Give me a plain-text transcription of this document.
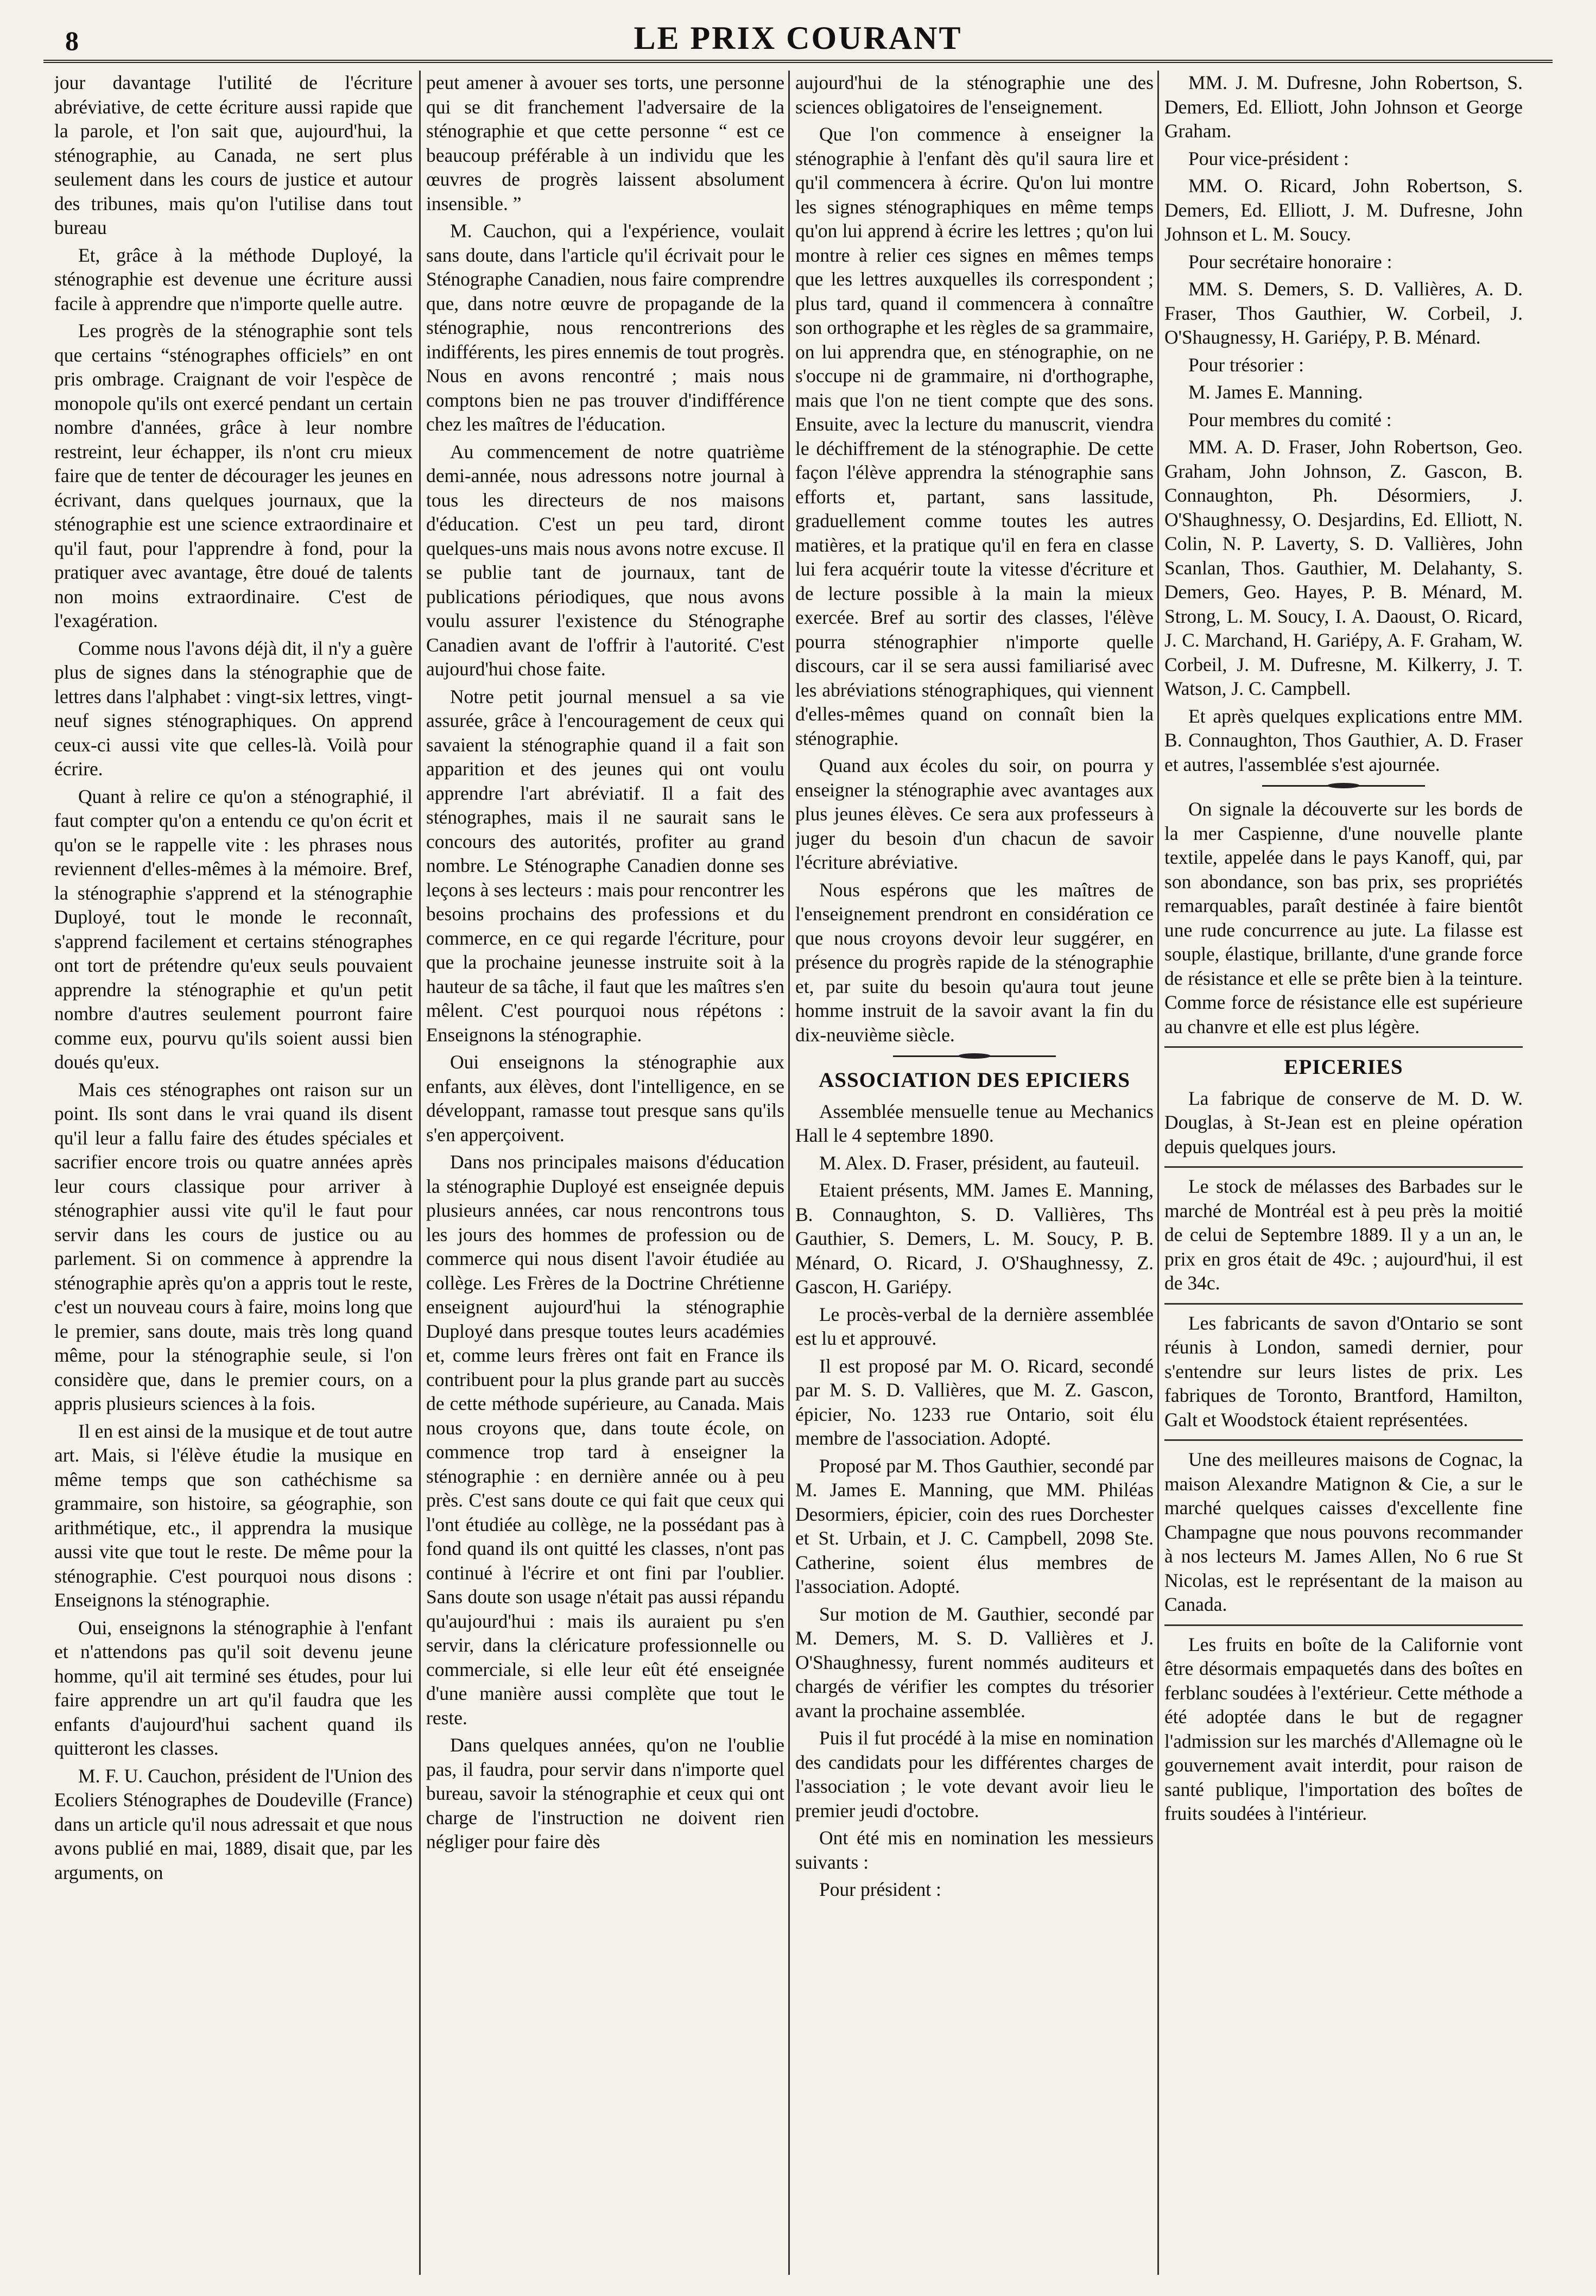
8	LE PRIX COURANT

jour davantage l'utilité de l'écriture abréviative, de cette écriture aussi rapide que la parole, et l'on sait que, aujourd'hui, la sténographie, au Canada, ne sert plus seulement dans les cours de justice et autour des tribunes, mais qu'on l'utilise dans tout bureau

Et, grâce à la méthode Duployé, la sténographie est devenue une écriture aussi facile à apprendre que n'importe quelle autre.

Les progrès de la sténographie sont tels que certains “sténographes officiels” en ont pris ombrage. Craignant de voir l'espèce de monopole qu'ils ont exercé pendant un certain nombre d'années, grâce à leur nombre restreint, leur échapper, ils n'ont cru mieux faire que de tenter de décourager les jeunes en écrivant, dans quelques journaux, que la sténographie est une science extraordinaire et qu'il faut, pour l'apprendre à fond, pour la pratiquer avec avantage, être doué de talents non moins extraordinaire. C'est de l'exagération.

Comme nous l'avons déjà dit, il n'y a guère plus de signes dans la sténographie que de lettres dans l'alphabet : vingt-six lettres, vingt-neuf signes sténographiques. On apprend ceux-ci aussi vite que celles-là. Voilà pour écrire.

Quant à relire ce qu'on a sténographié, il faut compter qu'on a entendu ce qu'on écrit et qu'on se le rappelle vite : les phrases nous reviennent d'elles-mêmes à la mémoire. Bref, la sténographie s'apprend et la sténographie Duployé, tout le monde le reconnaît, s'apprend facilement et certains sténographes ont tort de prétendre qu'eux seuls pouvaient apprendre la sténographie et qu'un petit nombre d'autres seulement pourront faire comme eux, pourvu qu'ils soient aussi bien doués qu'eux.

Mais ces sténographes ont raison sur un point. Ils sont dans le vrai quand ils disent qu'il leur a fallu faire des études spéciales et sacrifier encore trois ou quatre années après leur cours classique pour arriver à sténographier aussi vite qu'il le faut pour servir dans les cours de justice ou au parlement. Si on commence à apprendre la sténographie après qu'on a appris tout le reste, c'est un nouveau cours à faire, moins long que le premier, sans doute, mais très long quand même, pour la sténographie seule, si l'on considère que, dans le premier cours, on a appris plusieurs sciences à la fois.

Il en est ainsi de la musique et de tout autre art. Mais, si l'élève étudie la musique en même temps que son cathéchisme sa grammaire, son histoire, sa géographie, son arithmétique, etc., il apprendra la musique aussi vite que tout le reste. De même pour la sténographie. C'est pourquoi nous disons : Enseignons la sténographie.

Oui, enseignons la sténographie à l'enfant et n'attendons pas qu'il soit devenu jeune homme, qu'il ait terminé ses études, pour lui faire apprendre un art qu'il faudra que les enfants d'aujourd'hui sachent quand ils quitteront les classes.

M. F. U. Cauchon, président de l'Union des Ecoliers Sténographes de Doudeville (France) dans un article qu'il nous adressait et que nous avons publié en mai, 1889, disait que, par les arguments, on

peut amener à avouer ses torts, une personne qui se dit franchement l'adversaire de la sténographie et que cette personne “ est ce beaucoup préférable à un individu que les œuvres de progrès laissent absolument insensible. ”

M. Cauchon, qui a l'expérience, voulait sans doute, dans l'article qu'il écrivait pour le Sténographe Canadien, nous faire comprendre que, dans notre œuvre de propagande de la sténographie, nous rencontrerions des indifférents, les pires ennemis de tout progrès. Nous en avons rencontré ; mais nous comptons bien ne pas trouver d'indifférence chez les maîtres de l'éducation.

Au commencement de notre quatrième demi-année, nous adressons notre journal à tous les directeurs de nos maisons d'éducation. C'est un peu tard, diront quelques-uns mais nous avons notre excuse. Il se publie tant de journaux, tant de publications périodiques, que nous avons voulu assurer l'existence du Sténographe Canadien avant de l'offrir à l'autorité. C'est aujourd'hui chose faite.

Notre petit journal mensuel a sa vie assurée, grâce à l'encouragement de ceux qui savaient la sténographie quand il a fait son apparition et des jeunes qui ont voulu apprendre l'art abréviatif. Il a fait des sténographes, mais il ne saurait sans le concours des autorités, profiter au grand nombre. Le Sténographe Canadien donne ses leçons à ses lecteurs : mais pour rencontrer les besoins prochains des professions et du commerce, en ce qui regarde l'écriture, pour que la prochaine jeunesse instruite soit à la hauteur de sa tâche, il faut que les maîtres s'en mêlent. C'est pourquoi nous répétons : Enseignons la sténographie.

Oui enseignons la sténographie aux enfants, aux élèves, dont l'intelligence, en se développant, ramasse tout presque sans qu'ils s'en apperçoivent.

Dans nos principales maisons d'éducation la sténographie Duployé est enseignée depuis plusieurs années, car nous rencontrons tous les jours des hommes de profession ou de commerce qui nous disent l'avoir étudiée au collège. Les Frères de la Doctrine Chrétienne enseignent aujourd'hui la sténographie Duployé dans presque toutes leurs académies et, comme leurs frères ont fait en France ils contribuent pour la plus grande part au succès de cette méthode supérieure, au Canada. Mais nous croyons que, dans toute école, on commence trop tard à enseigner la sténographie : en dernière année ou à peu près. C'est sans doute ce qui fait que ceux qui l'ont étudiée au collège, ne la possédant pas à fond quand ils ont quitté les classes, n'ont pas continué à l'écrire et ont fini par l'oublier. Sans doute son usage n'était pas aussi répandu qu'aujourd'hui : mais ils auraient pu s'en servir, dans la cléricature professionnelle ou commerciale, si elle leur eût été enseignée d'une manière aussi complète que tout le reste.

Dans quelques années, qu'on ne l'oublie pas, il faudra, pour servir dans n'importe quel bureau, savoir la sténographie et ceux qui ont charge de l'instruction ne doivent rien négliger pour faire dès

aujourd'hui de la sténographie une des sciences obligatoires de l'enseignement.

Que l'on commence à enseigner la sténographie à l'enfant dès qu'il saura lire et qu'il commencera à écrire. Qu'on lui montre les signes sténographiques en même temps qu'on lui apprend à écrire les lettres ; qu'on lui montre à relier ces signes en mêmes temps que les lettres auxquelles ils correspondent ; plus tard, quand il commencera à connaître son orthographe et les règles de sa grammaire, on lui apprendra que, en sténographie, on ne s'occupe ni de grammaire, ni d'orthographe, mais que l'on ne tient compte que des sons. Ensuite, avec la lecture du manuscrit, viendra le déchiffrement de la sténographie. De cette façon l'élève apprendra la sténographie sans efforts et, partant, sans lassitude, graduellement comme toutes les autres matières, et la pratique qu'il en fera en classe lui fera acquérir toute la vitesse d'écriture et de lecture possible à la main la mieux exercée. Bref au sortir des classes, l'élève pourra sténographier n'importe quelle discours, car il se sera aussi familiarisé avec les abréviations sténographiques, qui viennent d'elles-mêmes quand on connaît bien la sténographie.

Quand aux écoles du soir, on pourra y enseigner la sténographie avec avantages aux plus jeunes élèves. Ce sera aux professeurs à juger du besoin d'un chacun de savoir l'écriture abréviative.

Nous espérons que les maîtres de l'enseignement prendront en considération ce que nous croyons devoir leur suggérer, en présence du progrès rapide de la sténographie et, par suite du besoin qu'aura tout jeune homme instruit de la savoir avant la fin du dix-neuvième siècle.

ASSOCIATION DES EPICIERS

Assemblée mensuelle tenue au Mechanics Hall le 4 septembre 1890.

M. Alex. D. Fraser, président, au fauteuil.

Etaient présents, MM. James E. Manning, B. Connaughton, S. D. Vallières, Ths Gauthier, S. Demers, L. M. Soucy, P. B. Ménard, O. Ricard, J. O'Shaughnessy, Z. Gascon, H. Gariépy.

Le procès-verbal de la dernière assemblée est lu et approuvé.

Il est proposé par M. O. Ricard, secondé par M. S. D. Vallières, que M. Z. Gascon, épicier, No. 1233 rue Ontario, soit élu membre de l'association. Adopté.

Proposé par M. Thos Gauthier, secondé par M. James E. Manning, que MM. Philéas Desormiers, épicier, coin des rues Dorchester et St. Urbain, et J. C. Campbell, 2098 Ste. Catherine, soient élus membres de l'association. Adopté.

Sur motion de M. Gauthier, secondé par M. Demers, M. S. D. Vallières et J. O'Shaughnessy, furent nommés auditeurs et chargés de vérifier les comptes du trésorier avant la prochaine assemblée.

Puis il fut procédé à la mise en nomination des candidats pour les différentes charges de l'association ; le vote devant avoir lieu le premier jeudi d'octobre.

Ont été mis en nomination les messieurs suivants :

Pour président :

MM. J. M. Dufresne, John Robertson, S. Demers, Ed. Elliott, John Johnson et George Graham.

Pour vice-président :

MM. O. Ricard, John Robertson, S. Demers, Ed. Elliott, J. M. Dufresne, John Johnson et L. M. Soucy.

Pour secrétaire honoraire :

MM. S. Demers, S. D. Vallières, A. D. Fraser, Thos Gauthier, W. Corbeil, J. O'Shaugnessy, H. Gariépy, P. B. Ménard.

Pour trésorier :

M. James E. Manning.

Pour membres du comité :

MM. A. D. Fraser, John Robertson, Geo. Graham, John Johnson, Z. Gascon, B. Connaughton, Ph. Désormiers, J. O'Shaughnessy, O. Desjardins, Ed. Elliott, N. Colin, N. P. Laverty, S. D. Vallières, John Scanlan, Thos. Gauthier, M. Delahanty, S. Demers, Geo. Hayes, P. B. Ménard, M. Strong, L. M. Soucy, I. A. Daoust, O. Ricard, J. C. Marchand, H. Gariépy, A. F. Graham, W. Corbeil, J. M. Dufresne, M. Kilkerry, J. T. Watson, J. C. Campbell.

Et après quelques explications entre MM. B. Connaughton, Thos Gauthier, A. D. Fraser et autres, l'assemblée s'est ajournée.

On signale la découverte sur les bords de la mer Caspienne, d'une nouvelle plante textile, appelée dans le pays Kanoff, qui, par son abondance, son bas prix, ses propriétés remarquables, paraît destinée à faire bientôt une rude concurrence au jute. La filasse est souple, élastique, brillante, d'une grande force de résistance et elle se prête bien à la teinture. Comme force de résistance elle est supérieure au chanvre et elle est plus légère.

EPICERIES

La fabrique de conserve de M. D. W. Douglas, à St-Jean est en pleine opération depuis quelques jours.

Le stock de mélasses des Barbades sur le marché de Montréal est à peu près la moitié de celui de Septembre 1889. Il y a un an, le prix en gros était de 49c. ; aujourd'hui, il est de 34c.

Les fabricants de savon d'Ontario se sont réunis à London, samedi dernier, pour s'entendre sur leurs listes de prix. Les fabriques de Toronto, Brantford, Hamilton, Galt et Woodstock étaient représentées.

Une des meilleures maisons de Cognac, la maison Alexandre Matignon & Cie, a sur le marché quelques caisses d'excellente fine Champagne que nous pouvons recommander à nos lecteurs M. James Allen, No 6 rue St Nicolas, est le représentant de la maison au Canada.

Les fruits en boîte de la Californie vont être désormais empaquetés dans des boîtes en ferblanc soudées à l'extérieur. Cette méthode a été adoptée dans le but de regagner l'admission sur les marchés d'Allemagne où le gouvernement avait interdit, pour raison de santé publique, l'importation des boîtes de fruits soudées à l'intérieur.
